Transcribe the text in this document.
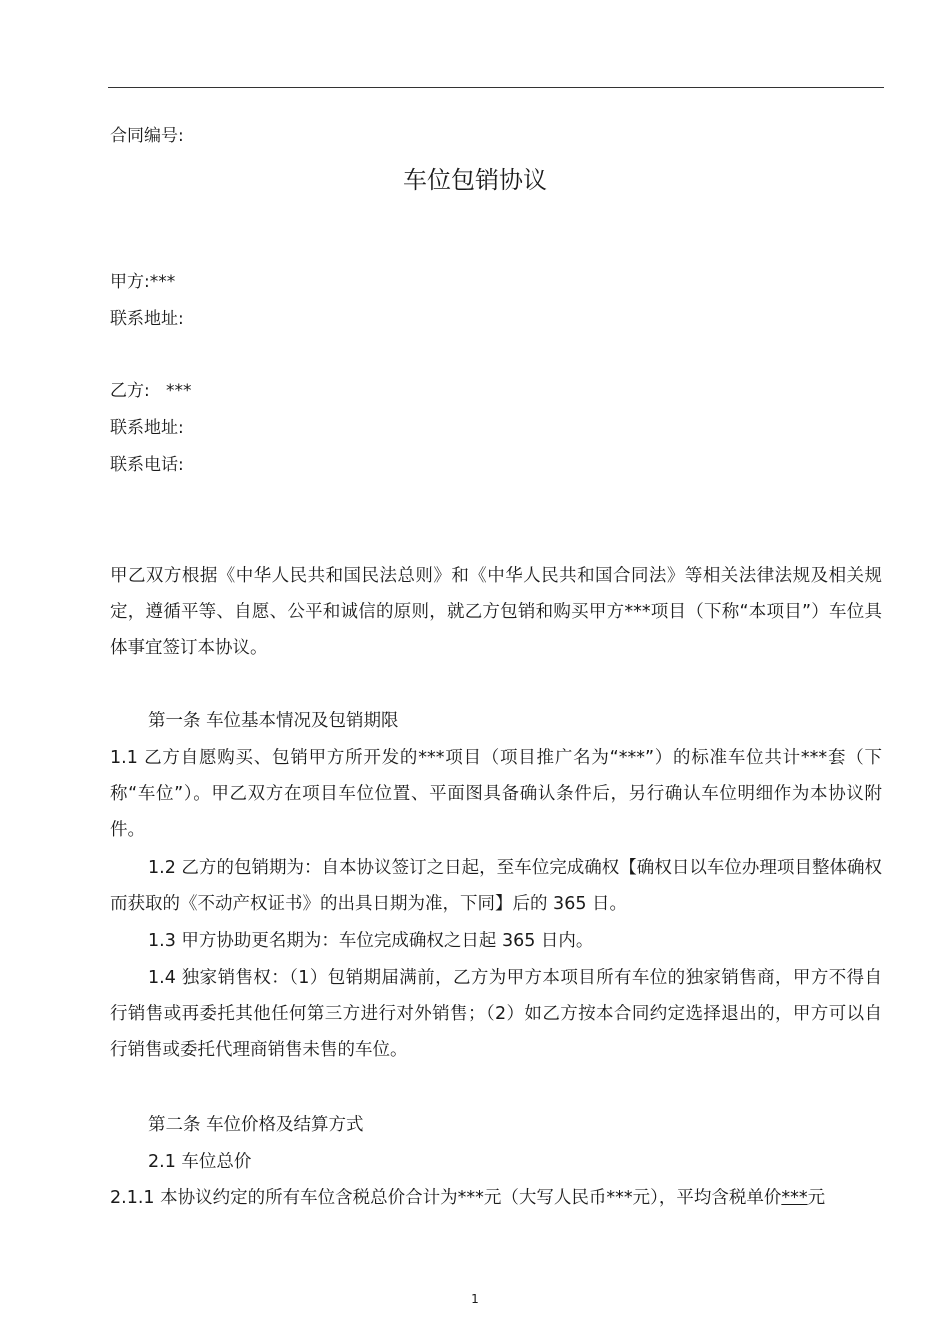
合同编号:
车位包销协议
甲方:***
联系地址:
乙方:   ***
联系地址:
联系电话:
甲乙双方根据《中华人民共和国民法总则》和《中华人民共和国合同法》等相关法律法规及相关规定，遵循平等、自愿、公平和诚信的原则，就乙方包销和购买甲方***项目（下称“本项目”）车位具体事宜签订本协议。
第一条 车位基本情况及包销期限
1.1 乙方自愿购买、包销甲方所开发的***项目（项目推广名为“***”）的标准车位共计***套（下称“车位”）。甲乙双方在项目车位位置、平面图具备确认条件后，另行确认车位明细作为本协议附件。
1.2 乙方的包销期为：自本协议签订之日起，至车位完成确权【确权日以车位办理项目整体确权而获取的《不动产权证书》的出具日期为准，下同】后的 365 日。
1.3 甲方协助更名期为：车位完成确权之日起 365 日内。
1.4 独家销售权：（1）包销期届满前，乙方为甲方本项目所有车位的独家销售商，甲方不得自行销售或再委托其他任何第三方进行对外销售；（2）如乙方按本合同约定选择退出的，甲方可以自行销售或委托代理商销售未售的车位。
第二条 车位价格及结算方式
2.1 车位总价
2.1.1 本协议约定的所有车位含税总价合计为***元（大写人民币***元），平均含税单价***元
1
